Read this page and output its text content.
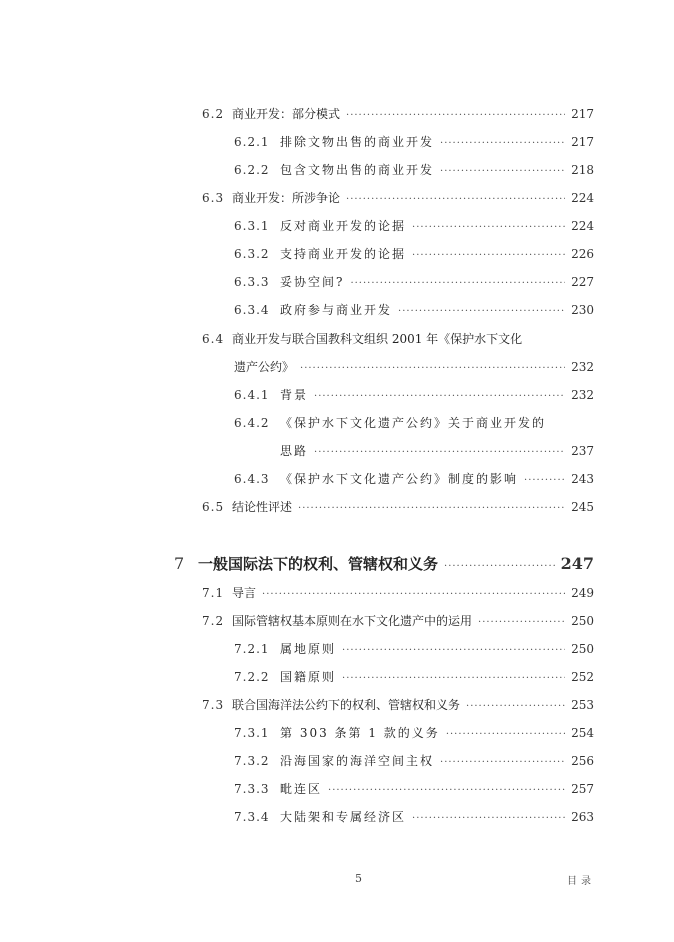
6.2 商业开发：部分模式 ·····	217
6.2.1 排除文物出售的商业开发 ·····	217
6.2.2 包含文物出售的商业开发 ·····	218
6.3 商业开发：所涉争论 ·····	224
6.3.1 反对商业开发的论据 ·····	224
6.3.2 支持商业开发的论据 ·····	226
6.3.3 妥协空间? ·····	227
6.3.4 政府参与商业开发 ·····	230
6.4 商业开发与联合国教科文组织 2001 年《保护水下文化
遗产公约》 ·····	232
6.4.1 背景 ·····	232
6.4.2 《保护水下文化遗产公约》关于商业开发的
思路 ·····	237
6.4.3 《保护水下文化遗产公约》制度的影响 ·····	243
6.5 结论性评述 ·····	245
7 一般国际法下的权利、管辖权和义务 ·····	247
7.1 导言 ·····	249
7.2 国际管辖权基本原则在水下文化遗产中的运用 ·····	250
7.2.1 属地原则 ·····	250
7.2.2 国籍原则 ·····	252
7.3 联合国海洋法公约下的权利、管辖权和义务 ·····	253
7.3.1 第 303 条第 1 款的义务 ·····	254
7.3.2 沿海国家的海洋空间主权 ·····	256
7.3.3 毗连区 ·····	257
7.3.4 大陆架和专属经济区 ·····	263
5	目录
